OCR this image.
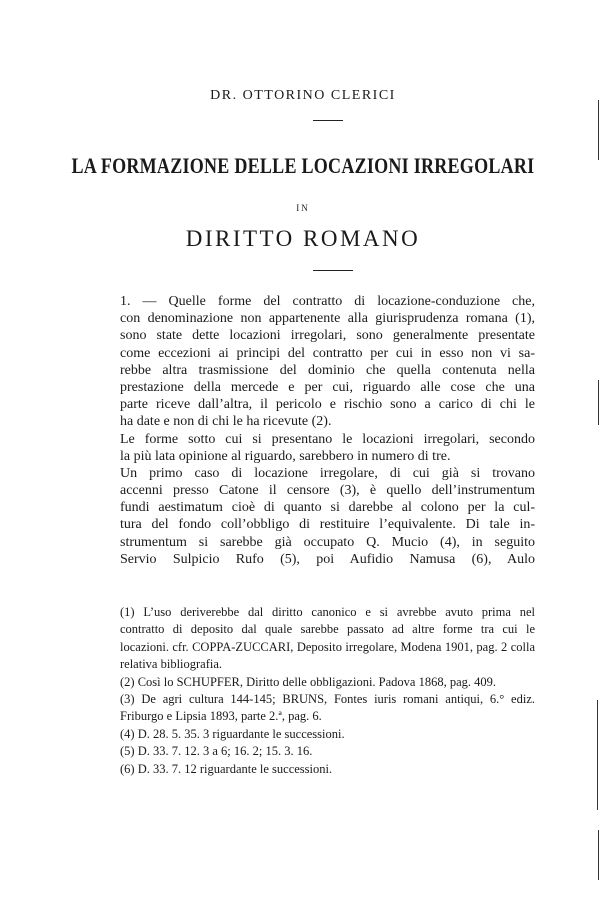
DR. OTTORINO CLERICI
LA FORMAZIONE DELLE LOCAZIONI IRREGOLARI
IN
DIRITTO ROMANO
1. — Quelle forme del contratto di locazione-conduzione che,
con denominazione non appartenente alla giurisprudenza romana (1),
sono state dette locazioni irregolari, sono generalmente presentate
come eccezioni ai principi del contratto per cui in esso non vi sa-
rebbe altra trasmissione del dominio che quella contenuta nella
prestazione della mercede e per cui, riguardo alle cose che una
parte riceve dall’altra, il pericolo e rischio sono a carico di chi le
ha date e non di chi le ha ricevute (2).
Le forme sotto cui si presentano le locazioni irregolari, secondo
la più lata opinione al riguardo, sarebbero in numero di tre.
Un primo caso di locazione irregolare, di cui già si trovano
accenni presso Catone il censore (3), è quello dell’instrumentum
fundi aestimatum cioè di quanto si darebbe al colono per la cul-
tura del fondo coll’obbligo di restituire l’equivalente. Di tale in-
strumentum si sarebbe già occupato Q. Mucio (4), in seguito
Servio Sulpicio Rufo (5), poi Aufidio Namusa (6), Aulo
(1) L’uso deriverebbe dal diritto canonico e si avrebbe avuto prima nel
contratto di deposito dal quale sarebbe passato ad altre forme tra cui le
locazioni. cfr. COPPA-ZUCCARI, Deposito irregolare, Modena 1901, pag. 2 colla
relativa bibliografia.
(2) Così lo SCHUPFER, Diritto delle obbligazioni. Padova 1868, pag. 409.
(3) De agri cultura 144-145; BRUNS, Fontes iuris romani antiqui, 6.° ediz.
Friburgo e Lipsia 1893, parte 2.ª, pag. 6.
(4) D. 28. 5. 35. 3 riguardante le successioni.
(5) D. 33. 7. 12. 3 a 6; 16. 2; 15. 3. 16.
(6) D. 33. 7. 12 riguardante le successioni.
